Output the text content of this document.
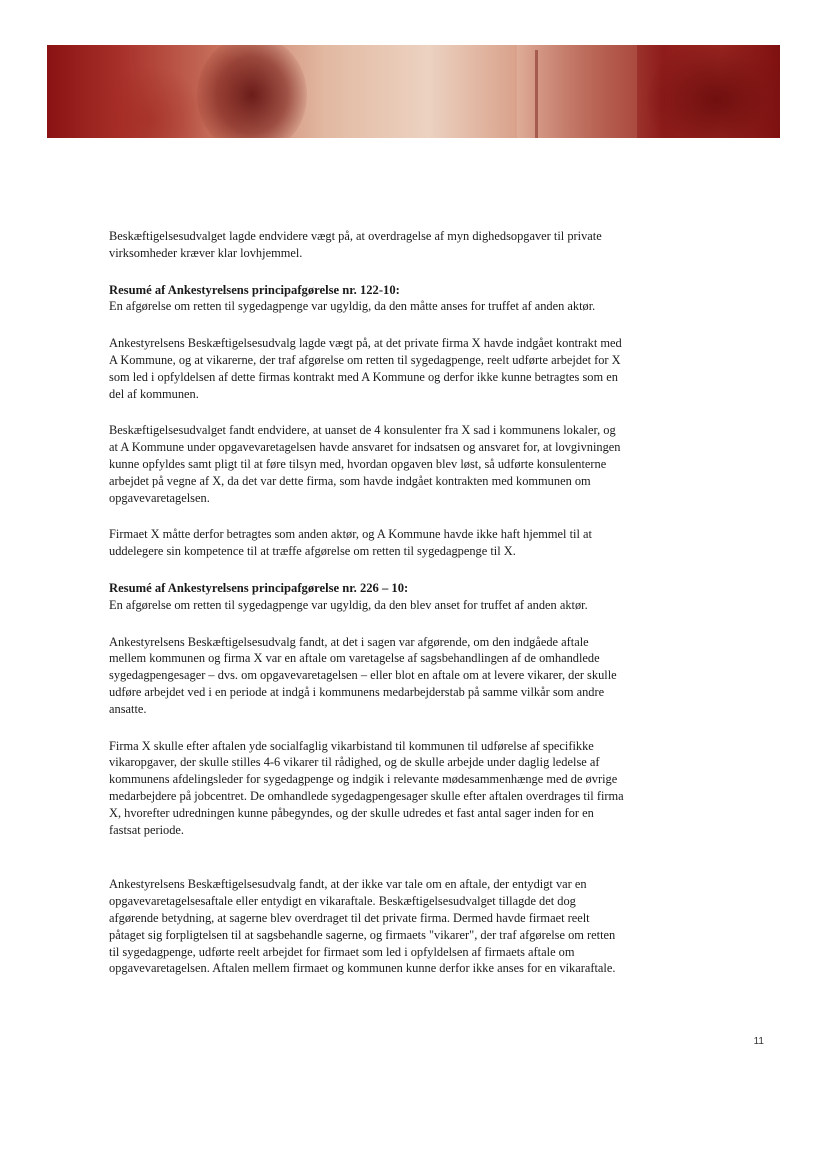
Beskæftigelsesudvalget lagde endvidere vægt på, at overdragelse af myn dighedsopgaver til private virksomheder kræver klar lovhjemmel.

Resumé af Ankestyrelsens principafgørelse nr. 122-10:

En afgørelse om retten til sygedagpenge var ugyldig, da den måtte anses for truffet af anden aktør.

Ankestyrelsens Beskæftigelsesudvalg lagde vægt på, at det private firma X havde indgået kontrakt med A Kommune, og at vikarerne, der traf afgørelse om retten til sygedagpenge, reelt udførte arbejdet for X som led i opfyldelsen af dette firmas kontrakt med A Kommune og derfor ikke kunne betragtes som en del af kommunen.

Beskæftigelsesudvalget fandt endvidere, at uanset de 4 konsulenter fra X sad i kommunens lokaler, og at A Kommune under opgavevaretagelsen havde ansvaret for indsatsen og ansvaret for, at lovgivningen kunne opfyldes samt pligt til at føre tilsyn med, hvordan opgaven blev løst, så udførte konsulenterne arbejdet på vegne af X, da det var dette firma, som havde indgået kontrakten med kommunen om opgavevaretagelsen.

Firmaet X måtte derfor betragtes som anden aktør, og A Kommune havde ikke haft hjemmel til at uddelegere sin kompetence til at træffe afgørelse om retten til sygedagpenge til X.

Resumé af Ankestyrelsens principafgørelse nr. 226 – 10:

En afgørelse om retten til sygedagpenge var ugyldig, da den blev anset for truffet af anden aktør.

Ankestyrelsens Beskæftigelsesudvalg fandt, at det i sagen var afgørende, om den indgåede aftale mellem kommunen og firma X var en aftale om varetagelse af sagsbehandlingen af de omhandlede sygedagpengesager – dvs. om opgavevaretagelsen – eller blot en aftale om at levere vikarer, der skulle udføre arbejdet ved i en periode at indgå i kommunens medarbejderstab på samme vilkår som andre ansatte.

Firma X skulle efter aftalen yde socialfaglig vikarbistand til kommunen til udførelse af specifikke vikaropgaver, der skulle stilles 4-6 vikarer til rådighed, og de skulle arbejde under daglig ledelse af kommunens afdelingsleder for sygedagpenge og indgik i relevante mødesammenhænge med de øvrige medarbejdere på jobcentret. De omhandlede sygedagpengesager skulle efter aftalen overdrages til firma X, hvorefter udredningen kunne påbegyndes, og der skulle udredes et fast antal sager inden for en fastsat periode.

Ankestyrelsens Beskæftigelsesudvalg fandt, at der ikke var tale om en aftale, der entydigt var en opgavevaretagelsesaftale eller entydigt en vikaraftale. Beskæftigelsesudvalget tillagde det dog afgørende betydning, at sagerne blev overdraget til det private firma. Dermed havde firmaet reelt påtaget sig forpligtelsen til at sagsbehandle sagerne, og firmaets "vikarer", der traf afgørelse om retten til sygedagpenge, udførte reelt arbejdet for firmaet som led i opfyldelsen af firmaets aftale om opgavevaretagelsen. Aftalen mellem firmaet og kommunen kunne derfor ikke anses for en vikaraftale.

11
